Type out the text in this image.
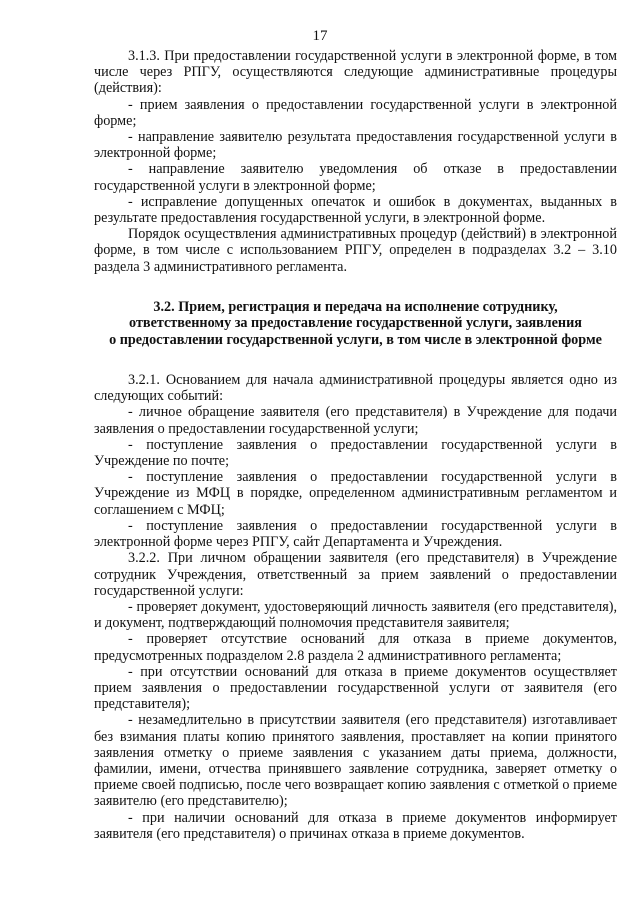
17

3.1.3. При предоставлении государственной услуги в электронной форме, в том числе через РПГУ, осуществляются следующие административные процедуры (действия):

- прием заявления о предоставлении государственной услуги в электронной форме;

- направление заявителю результата предоставления государственной услуги в электронной форме;

- направление заявителю уведомления об отказе в предоставлении государственной услуги в электронной форме;

- исправление допущенных опечаток и ошибок в документах, выданных в результате предоставления государственной услуги, в электронной форме.

Порядок осуществления административных процедур (действий) в электронной форме, в том числе с использованием РПГУ, определен в подразделах 3.2 – 3.10 раздела 3 административного регламента.

3.2. Прием, регистрация и передача на исполнение сотруднику,
ответственному за предоставление государственной услуги, заявления
о предоставлении государственной услуги, в том числе в электронной форме

3.2.1. Основанием для начала административной процедуры является одно из следующих событий:

- личное обращение заявителя (его представителя) в Учреждение для подачи заявления о предоставлении государственной услуги;

- поступление заявления о предоставлении государственной услуги в Учреждение по почте;

- поступление заявления о предоставлении государственной услуги в Учреждение из МФЦ в порядке, определенном административным регламентом и соглашением с МФЦ;

- поступление заявления о предоставлении государственной услуги в электронной форме через РПГУ, сайт Департамента и Учреждения.

3.2.2. При личном обращении заявителя (его представителя) в Учреждение сотрудник Учреждения, ответственный за прием заявлений о предоставлении государственной услуги:

- проверяет документ, удостоверяющий личность заявителя (его представителя), и документ, подтверждающий полномочия представителя заявителя;

- проверяет отсутствие оснований для отказа в приеме документов, предусмотренных подразделом 2.8 раздела 2 административного регламента;

- при отсутствии оснований для отказа в приеме документов осуществляет прием заявления о предоставлении государственной услуги от заявителя (его представителя);

- незамедлительно в присутствии заявителя (его представителя) изготавливает без взимания платы копию принятого заявления, проставляет на копии принятого заявления отметку о приеме заявления с указанием даты приема, должности, фамилии, имени, отчества принявшего заявление сотрудника, заверяет отметку о приеме своей подписью, после чего возвращает копию заявления с отметкой о приеме заявителю (его представителю);

- при наличии оснований для отказа в приеме документов информирует заявителя (его представителя) о причинах отказа в приеме документов.
